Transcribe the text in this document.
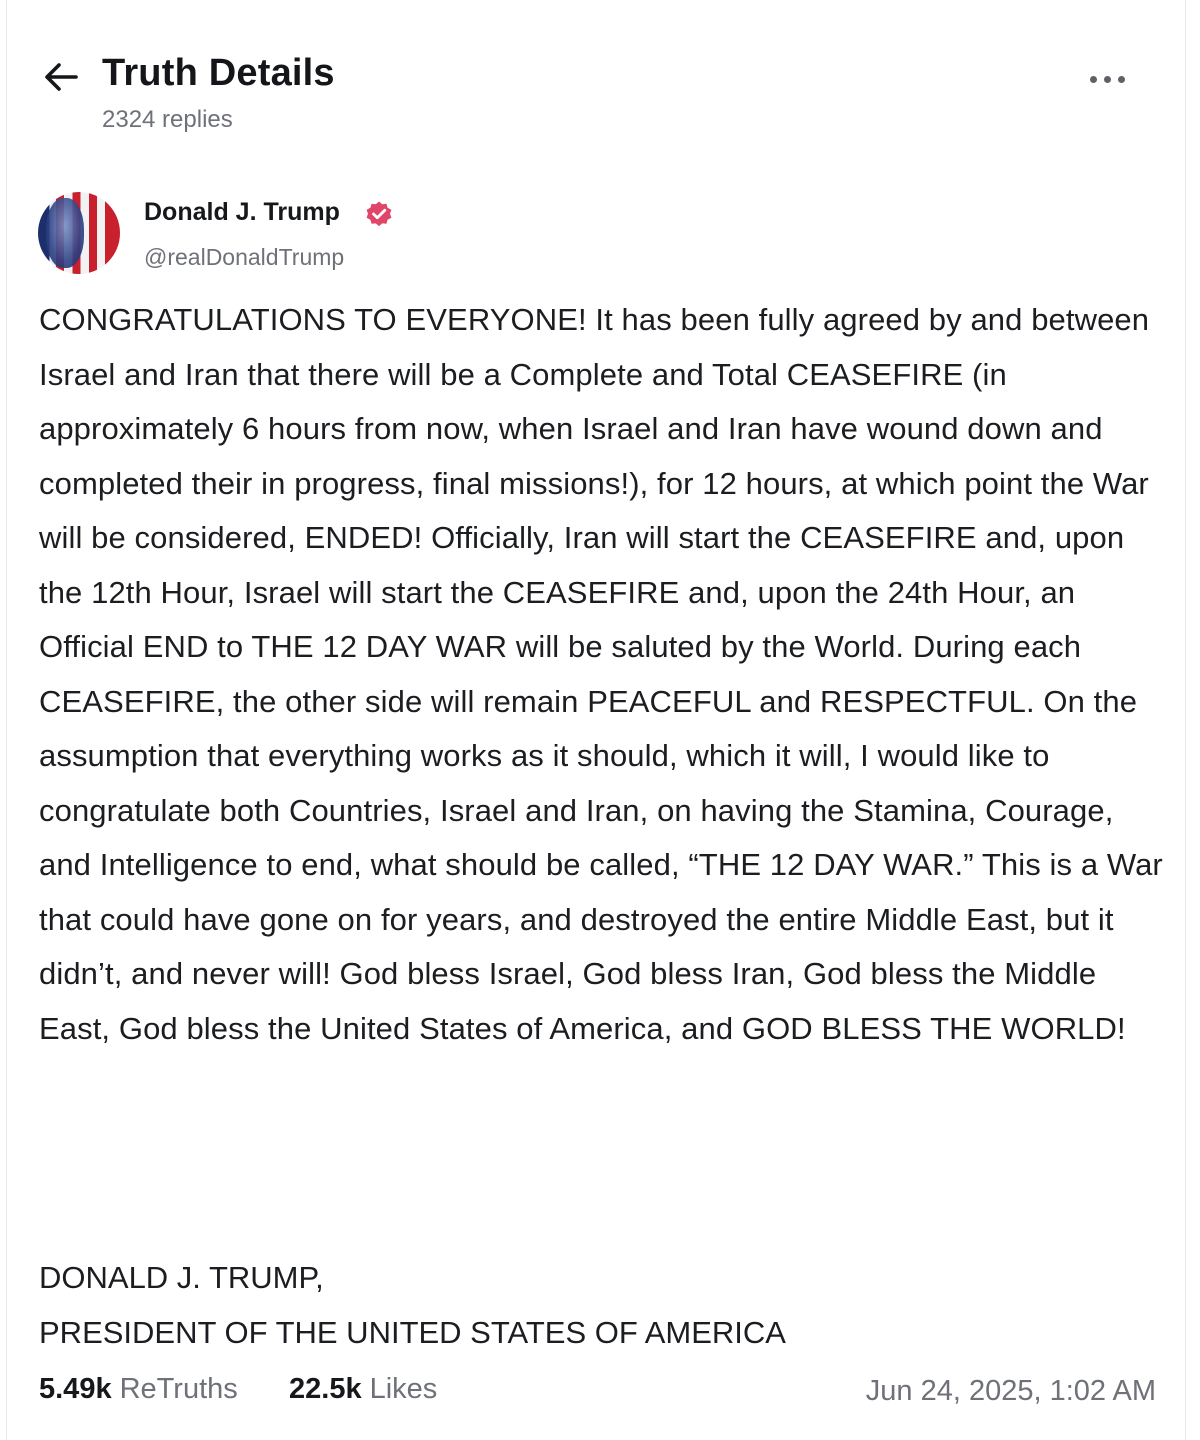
Truth Details
2324 replies
Donald J. Trump
@realDonaldTrump
CONGRATULATIONS TO EVERYONE! It has been fully agreed by and between Israel and Iran that there will be a Complete and Total CEASEFIRE (in approximately 6 hours from now, when Israel and Iran have wound down and completed their in progress, final missions!), for 12 hours, at which point the War will be considered, ENDED! Officially, Iran will start the CEASEFIRE and, upon the 12th Hour, Israel will start the CEASEFIRE and, upon the 24th Hour, an Official END to THE 12 DAY WAR will be saluted by the World. During each CEASEFIRE, the other side will remain PEACEFUL and RESPECTFUL. On the assumption that everything works as it should, which it will, I would like to congratulate both Countries, Israel and Iran, on having the Stamina, Courage, and Intelligence to end, what should be called, “THE 12 DAY WAR.” This is a War that could have gone on for years, and destroyed the entire Middle East, but it didn’t, and never will! God bless Israel, God bless Iran, God bless the Middle East, God bless the United States of America, and GOD BLESS THE WORLD!
DONALD J. TRUMP,
PRESIDENT OF THE UNITED STATES OF AMERICA
5.49k ReTruths 22.5k Likes	Jun 24, 2025, 1:02 AM
